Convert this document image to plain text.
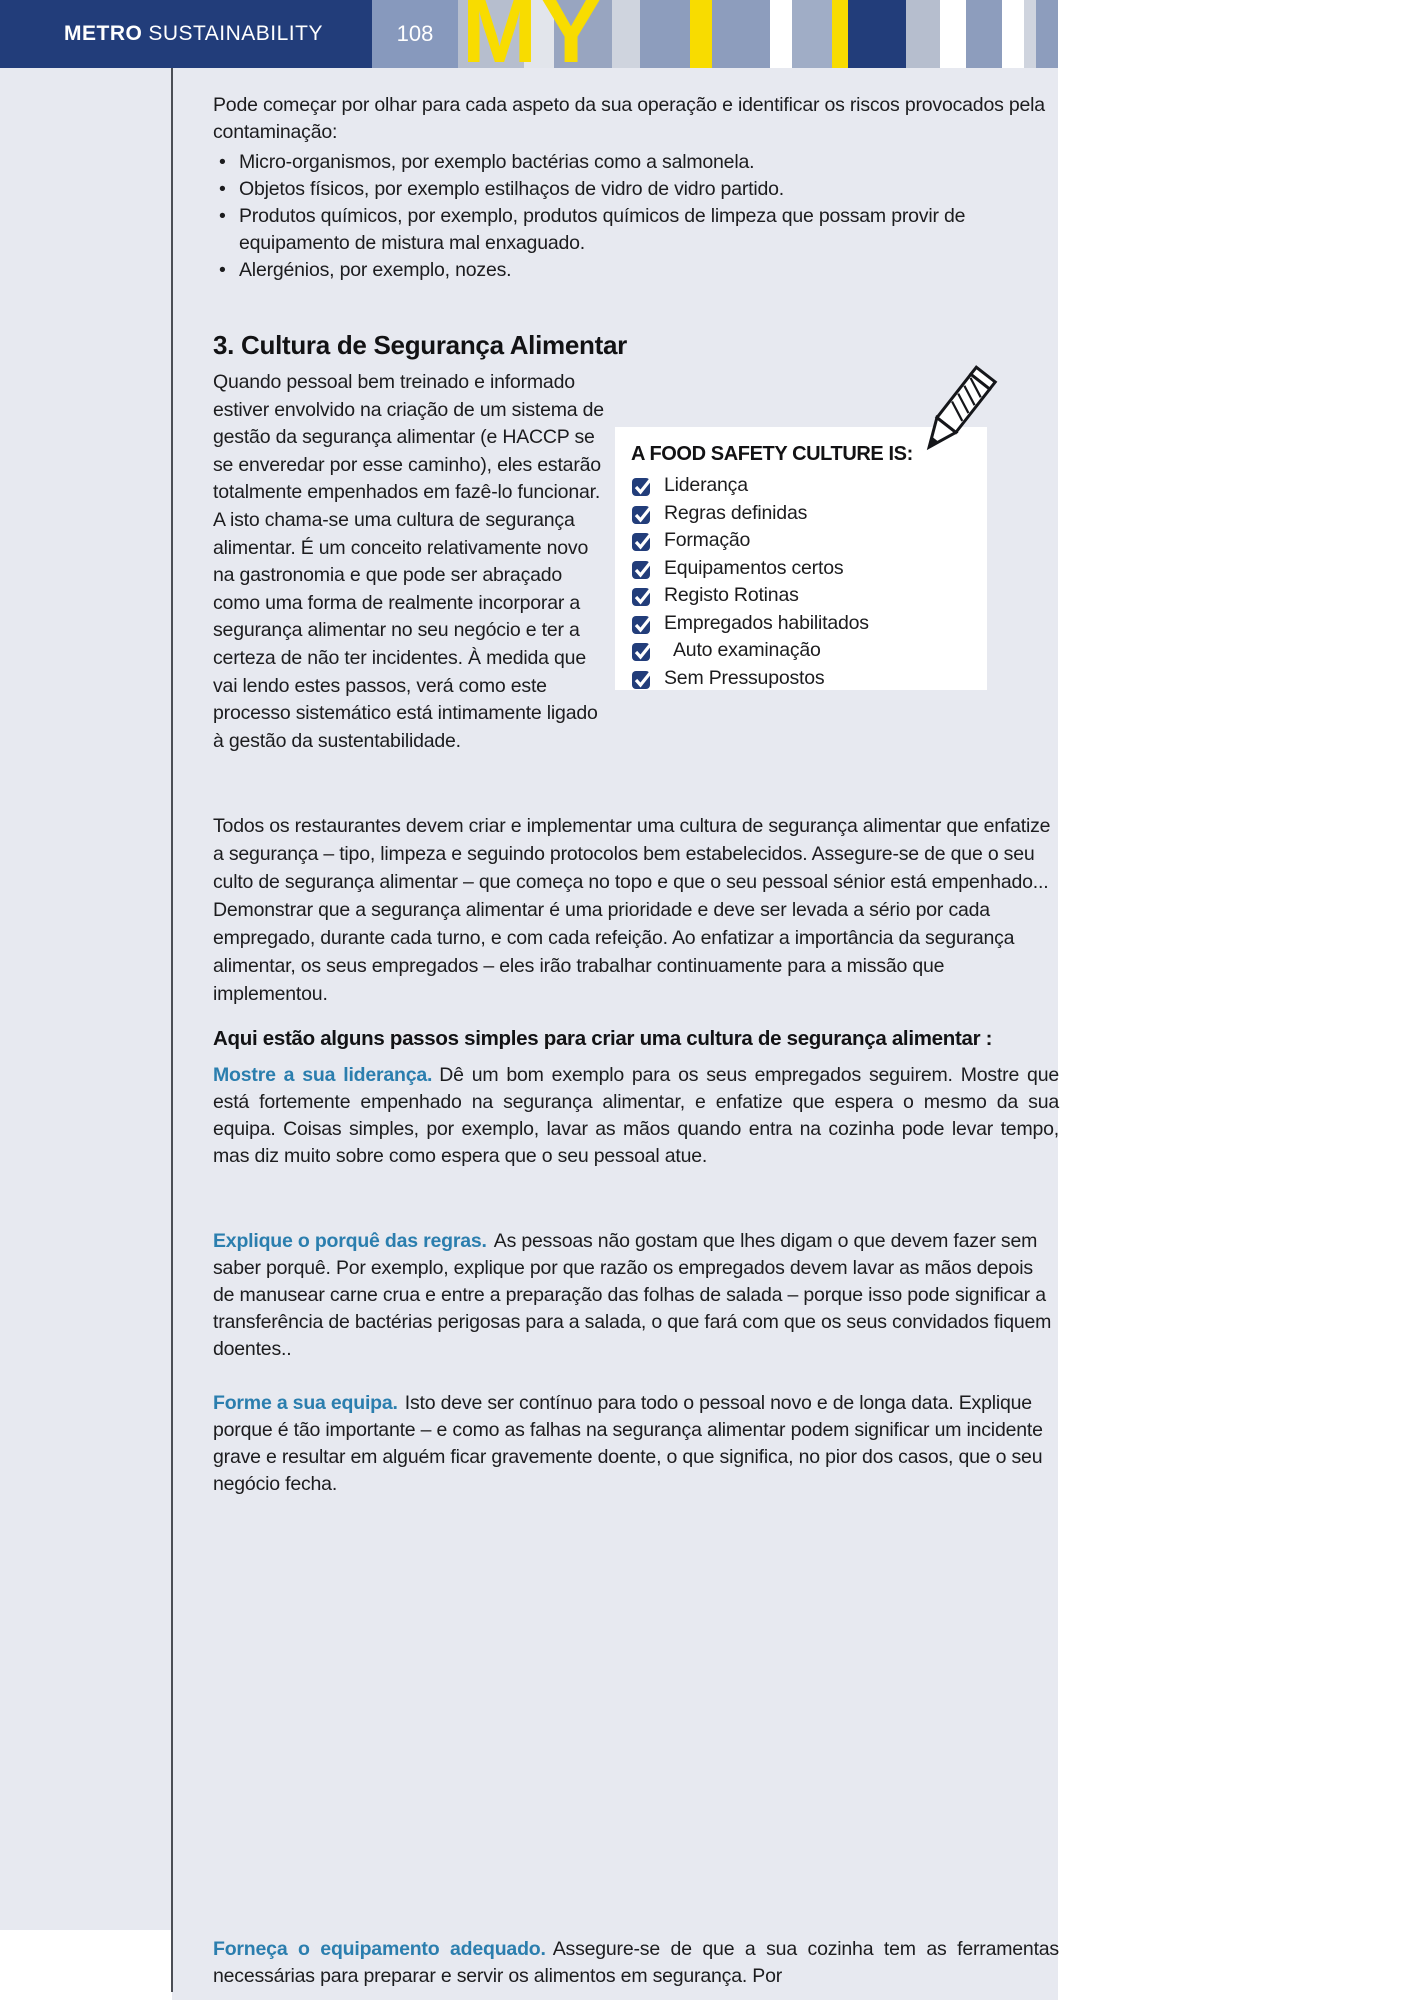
108 MY
METRO SUSTAINABILITY

Pode começar por olhar para cada aspeto da sua operação e identificar os riscos provocados pela contaminação:

• Micro-organismos, por exemplo bactérias como a salmonela.
• Objetos físicos, por exemplo estilhaços de vidro de vidro partido.
• Produtos químicos, por exemplo, produtos químicos de limpeza que possam provir de equipamento de mistura mal enxaguado.
• Alergénios, por exemplo, nozes.
3. Cultura de Segurança Alimentar

Quando pessoal bem treinado e informado estiver envolvido na criação de um sistema de gestão da segurança alimentar (e HACCP se se enveredar por esse caminho), eles estarão totalmente empenhados em fazê-lo funcionar. A isto chama-se uma cultura de segurança alimentar. É um conceito relativamente novo na gastronomia e que pode ser abraçado como uma forma de realmente incorporar a segurança alimentar no seu negócio e ter a certeza de não ter incidentes. À medida que vai lendo estes passos, verá como este processo sistemático está intimamente ligado à gestão da sustentabilidade.

A FOOD SAFETY CULTURE IS:
Liderança
Regras definidas
Formação
Equipamentos certos
Registo Rotinas
Empregados habilitados
Auto examinação
Sem Pressupostos

Todos os restaurantes devem criar e implementar uma cultura de segurança alimentar que enfatize a segurança – tipo, limpeza e seguindo protocolos bem estabelecidos. Assegure-se de que o seu culto de segurança alimentar – que começa no topo e que o seu pessoal sénior está empenhado... Demonstrar que a segurança alimentar é uma prioridade e deve ser levada a sério por cada empregado, durante cada turno, e com cada refeição. Ao enfatizar a importância da segurança alimentar, os seus empregados – eles irão trabalhar continuamente para a missão que implementou.

Aqui estão alguns passos simples para criar uma cultura de segurança alimentar :

Mostre a sua liderança. Dê um bom exemplo para os seus empregados seguirem. Mostre que está fortemente empenhado na segurança alimentar, e enfatize que espera o mesmo da sua equipa. Coisas simples, por exemplo, lavar as mãos quando entra na cozinha pode levar tempo, mas diz muito sobre como espera que o seu pessoal atue.

Explique o porquê das regras. As pessoas não gostam que lhes digam o que devem fazer sem saber porquê. Por exemplo, explique por que razão os empregados devem lavar as mãos depois de manusear carne crua e entre a preparação das folhas de salada – porque isso pode significar a transferência de bactérias perigosas para a salada, o que fará com que os seus convidados fiquem doentes..

Forme a sua equipa. Isto deve ser contínuo para todo o pessoal novo e de longa data. Explique porque é tão importante – e como as falhas na segurança alimentar podem significar um incidente grave e resultar em alguém ficar gravemente doente, o que significa, no pior dos casos, que o seu negócio fecha.

Forneça o equipamento adequado. Assegure-se de que a sua cozinha tem as ferramentas necessárias para preparar e servir os alimentos em segurança. Por
